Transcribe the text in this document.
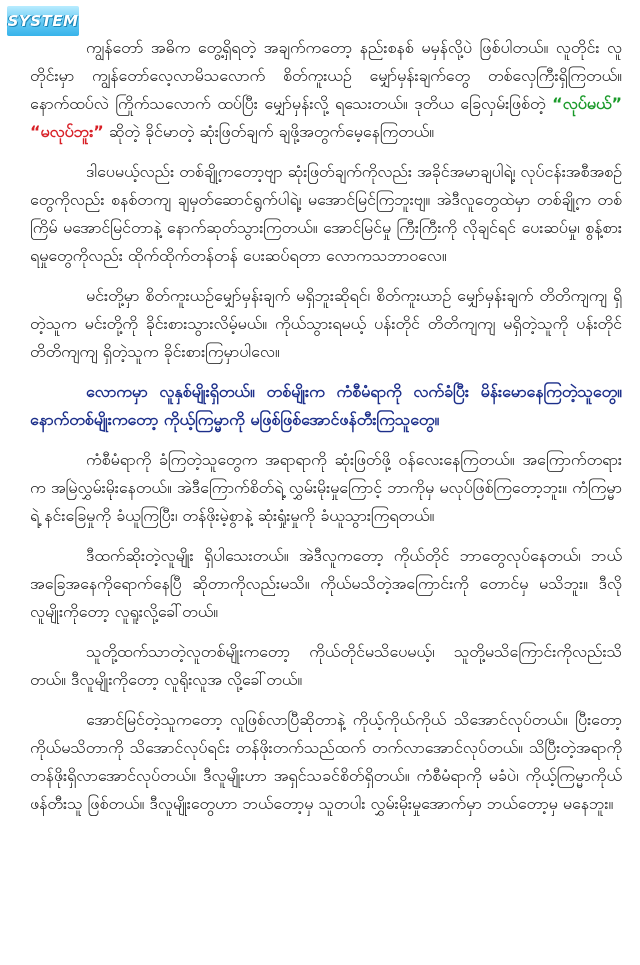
SYSTEM

ကျွန်တော် အဓိက တွေ့ရှိရတဲ့ အချက်ကတော့ နည်းစနစ် မမှန်လို့ပဲ ဖြစ်ပါတယ်။ လူတိုင်း လူတိုင်းမှာ ကျွန်တော်လေ့လာမိသလောက် စိတ်ကူးယဉ် မျှော်မှန်းချက်တွေ တစ်လှေကြီးရှိကြတယ်။ နောက်ထပ်လဲ ကြိုက်သလောက် ထပ်ပြီး မျှော်မှန်းလို့ ရသေးတယ်။ ဒုတိယ ခြေလှမ်းဖြစ်တဲ့ “လုပ်မယ်” “မလုပ်ဘူး” ဆိုတဲ့ ခိုင်မာတဲ့ ဆုံးဖြတ်ချက် ချဖို့အတွက်မေ့နေကြတယ်။

ဒါပေမယ့်လည်း တစ်ချို့ကတော့ဗျာ ဆုံးဖြတ်ချက်ကိုလည်း အခိုင်အမာချပါရဲ့၊ လုပ်ငန်းအစီအစဉ်တွေကိုလည်း စနစ်တကျ ချမှတ်ဆောင်ရွက်ပါရဲ့၊ မအောင်မြင်ကြဘူးဗျ။ အဲဒီလူတွေထဲမှာ တစ်ချို့က တစ်ကြိမ် မအောင်မြင်တာနဲ့ နောက်ဆုတ်သွားကြတယ်။ အောင်မြင်မှု ကြီးကြီးကို လိုချင်ရင် ပေးဆပ်မှု၊ စွန့်စားရမှုတွေကိုလည်း ထိုက်ထိုက်တန်တန် ပေးဆပ်ရတာ လောကသဘာဝလေ။

မင်းတို့မှာ စိတ်ကူးယဉ်မျှော်မှန်းချက် မရှိဘူးဆိုရင်၊ စိတ်ကူးယာဉ် မျှော်မှန်းချက် တိတိကျကျ ရှိတဲ့သူက မင်းတို့ကို ခိုင်းစားသွားလိမ့်မယ်။ ကိုယ်သွားရမယ့် ပန်းတိုင် တိတိကျကျ မရှိတဲ့သူကို ပန်းတိုင် တိတိကျကျ ရှိတဲ့သူက ခိုင်းစားကြမှာပါလေ။

လောကမှာ လူနှစ်မျိုးရှိတယ်။ တစ်မျိုးက ကံစီမံရာကို လက်ခံပြီး မိန်းမောနေကြတဲ့သူတွေ။ နောက်တစ်မျိုးကတော့ ကိုယ့်ကြမ္မာကို မဖြစ်ဖြစ်အောင်ဖန်တီးကြသူတွေ။

ကံစီမံရာကို ခံကြတဲ့သူတွေက အရာရာကို ဆုံးဖြတ်ဖို့ ဝန်လေးနေကြတယ်။ အကြောက်တရားက အမြဲလွှမ်းမိုးနေတယ်။ အဲဒီကြောက်စိတ်ရဲ့ လွှမ်းမိုးမှုကြောင့် ဘာကိုမှ မလုပ်ဖြစ်ကြတော့ဘူး။ ကံကြမ္မာရဲ့ နင်းခြေမှုကို ခံယူကြပြီး၊ တန်ဖိုးမဲ့စွာနဲ့ ဆုံးရှုံးမှုကို ခံယူသွားကြရတယ်။

ဒီထက်ဆိုးတဲ့လူမျိုး ရှိပါသေးတယ်။ အဲဒီလူကတော့ ကိုယ်တိုင် ဘာတွေလုပ်နေတယ်၊ ဘယ်အခြေအနေကိုရောက်နေပြီ ဆိုတာကိုလည်းမသိ။ ကိုယ်မသိတဲ့အကြောင်းကို တောင်မှ မသိဘူး။ ဒီလိုလူမျိုးကိုတော့ လူရူးလို့ခေါ်တယ်။

သူတို့ထက်သာတဲ့လူတစ်မျိုးကတော့ ကိုယ်တိုင်မသိပေမယ့်၊ သူတို့မသိကြောင်းကိုလည်းသိတယ်။ ဒီလူမျိုးကိုတော့ လူရိုးလူအ လို့ခေါ်တယ်။

အောင်မြင်တဲ့သူကတော့ လူဖြစ်လာပြီဆိုတာနဲ့ ကိုယ့်ကိုယ်ကိုယ် သိအောင်လုပ်တယ်။ ပြီးတော့ ကိုယ်မသိတာကို သိအောင်လုပ်ရင်း တန်ဖိုးတက်သည်ထက် တက်လာအောင်လုပ်တယ်။ သိပြီးတဲ့အရာကို တန်ဖိုးရှိလာအောင်လုပ်တယ်။ ဒီလူမျိုးဟာ အရှင်သခင်စိတ်ရှိတယ်။ ကံစီမံရာကို မခံပဲ၊ ကိုယ့်ကြမ္မာကိုယ်ဖန်တီးသူ ဖြစ်တယ်။ ဒီလူမျိုးတွေဟာ ဘယ်တော့မှ သူတပါး လွှမ်းမိုးမှုအောက်မှာ ဘယ်တော့မှ မနေဘူး။
